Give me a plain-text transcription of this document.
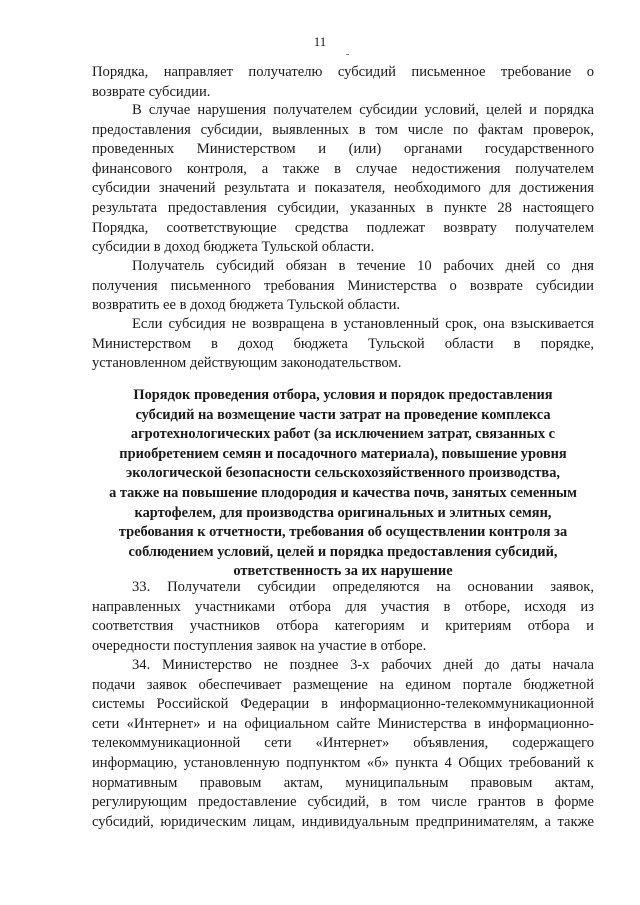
11
-
Порядка, направляет получателю субсидий письменное требование о
возврате субсидии.
В случае нарушения получателем субсидии условий, целей и порядка
предоставления субсидии, выявленных в том числе по фактам проверок,
проведенных Министерством и (или) органами государственного
финансового контроля, а также в случае недостижения получателем
субсидии значений результата и показателя, необходимого для достижения
результата предоставления субсидии, указанных в пункте 28 настоящего
Порядка, соответствующие средства подлежат возврату получателем
субсидии в доход бюджета Тульской области.
Получатель субсидий обязан в течение 10 рабочих дней со дня
получения письменного требования Министерства о возврате субсидии
возвратить ее в доход бюджета Тульской области.
Если субсидия не возвращена в установленный срок, она взыскивается
Министерством в доход бюджета Тульской области в порядке,
установленном действующим законодательством.
Порядок проведения отбора, условия и порядок предоставления
субсидий на возмещение части затрат на проведение комплекса
агротехнологических работ (за исключением затрат, связанных с
приобретением семян и посадочного материала), повышение уровня
экологической безопасности сельскохозяйственного производства,
а также на повышение плодородия и качества почв, занятых семенным
картофелем, для производства оригинальных и элитных семян,
требования к отчетности, требования об осуществлении контроля за
соблюдением условий, целей и порядка предоставления субсидий,
ответственность за их нарушение
33. Получатели субсидии определяются на основании заявок,
направленных участниками отбора для участия в отборе, исходя из
соответствия участников отбора категориям и критериям отбора и
очередности поступления заявок на участие в отборе.
34. Министерство не позднее 3-х рабочих дней до даты начала
подачи заявок обеспечивает размещение на едином портале бюджетной
системы Российской Федерации в информационно-телекоммуникационной
сети «Интернет» и на официальном сайте Министерства в информационно-
телекоммуникационной сети «Интернет» объявления, содержащего
информацию, установленную подпунктом «б» пункта 4 Общих требований к
нормативным правовым актам, муниципальным правовым актам,
регулирующим предоставление субсидий, в том числе грантов в форме
субсидий, юридическим лицам, индивидуальным предпринимателям, а также
